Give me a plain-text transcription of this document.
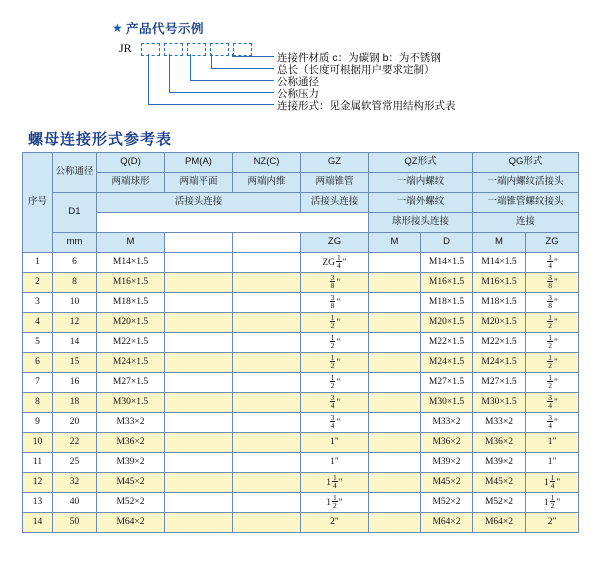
★ 产品代号示例
JR
连接件材质 c：为碳钢 b：为不锈钢
总长（长度可根据用户要求定制）
公称通径
公称压力
连接形式：见金属软管常用结构形式表
螺母连接形式参考表
序号	公称通径	Q(D)	PM(A)	NZ(C)	GZ	QZ形式		QG形式	
		两端球形	两端平面	两端内维	两端锥管	一端内螺纹		一端内螺纹活接头	
	D1	活接头连接			活接头连接	一端外螺纹		一端锥管螺纹接头	
						球形接头连接		连接	
	mm	M			ZG	M	D	M	ZG
1	6	M14×1.5			ZG $\frac{1}{4}$ "		M14×1.5	M14×1.5	$\frac{1}{4}$ "
2	8	M16×1.5			$\frac{3}{8}$ "		M16×1.5	M16×1.5	$\frac{3}{8}$ "
3	10	M18×1.5			$\frac{3}{8}$ "		M18×1.5	M18×1.5	$\frac{3}{8}$ "
4	12	M20×1.5			$\frac{1}{2}$ "		M20×1.5	M20×1.5	$\frac{1}{2}$ "
5	14	M22×1.5			$\frac{1}{2}$ "		M22×1.5	M22×1.5	$\frac{1}{2}$ "
6	15	M24×1.5			$\frac{1}{2}$ "		M24×1.5	M24×1.5	$\frac{1}{2}$ "
7	16	M27×1.5			$\frac{1}{2}$ "		M27×1.5	M27×1.5	$\frac{1}{2}$ "
8	18	M30×1.5			$\frac{3}{4}$ "		M30×1.5	M30×1.5	$\frac{3}{4}$ "
9	20	M33×2			$\frac{3}{4}$ "		M33×2	M33×2	$\frac{3}{4}$ "
10	22	M36×2			1"		M36×2	M36×2	1"
11	25	M39×2			1"		M39×2	M39×2	1"
12	32	M45×2			$1 \frac{1}{4}$ "		M45×2	M45×2	$1 \frac{1}{4}$ "
13	40	M52×2			$1 \frac{1}{2}$ "		M52×2	M52×2	$1 \frac{1}{2}$ "
14	50	M64×2			2"		M64×2	M64×2	2"
